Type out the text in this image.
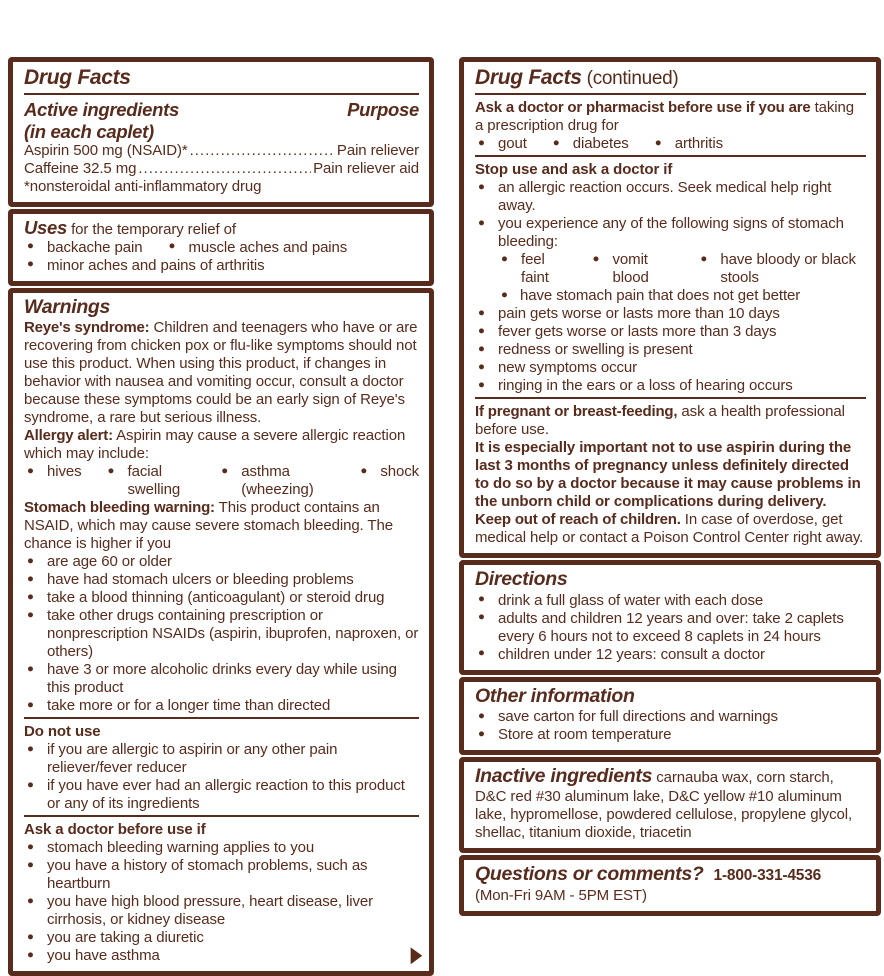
Drug Facts
Active ingredients
(in each caplet)
Purpose
Aspirin 500 mg (NSAID)* .....	Pain reliever
Caffeine 32.5 mg .....	Pain reliever aid
*nonsteroidal anti-inflammatory drug

Uses for the temporary relief of

● backache pain	● muscle aches and pains
● minor aches and pains of arthritis
Warnings

Reye's syndrome: Children and teenagers who have or are recovering from chicken pox or flu-like symptoms should not use this product. When using this product, if changes in behavior with nausea and vomiting occur, consult a doctor because these symptoms could be an early sign of Reye's syndrome, a rare but serious illness.

Allergy alert: Aspirin may cause a severe allergic reaction which may include:

● hives	● facial swelling
● asthma (wheezing)
● shock

Stomach bleeding warning: This product contains an NSAID, which may cause severe stomach bleeding. The chance is higher if you

● are age 60 or older
● have had stomach ulcers or bleeding problems
● take a blood thinning (anticoagulant) or steroid drug
● take other drugs containing prescription or nonprescription NSAIDs (aspirin, ibuprofen, naproxen, or others)
● have 3 or more alcoholic drinks every day while using this product
● take more or for a longer time than directed
Do not use
● if you are allergic to aspirin or any other pain reliever/fever reducer
● if you have ever had an allergic reaction to this product or any of its ingredients
Ask a doctor before use if
● stomach bleeding warning applies to you
● you have a history of stomach problems, such as heartburn
● you have high blood pressure, heart disease, liver cirrhosis, or kidney disease
● you are taking a diuretic
● you have asthma	▶
Drug Facts (continued)

Ask a doctor or pharmacist before use if you are taking a prescription drug for

● gout	● diabetes	● arthritis
Stop use and ask a doctor if
● an allergic reaction occurs. Seek medical help right away.
● you experience any of the following signs of stomach bleeding:
● feel faint
● vomit blood
● have bloody or black stools
● have stomach pain that does not get better
● pain gets worse or lasts more than 10 days
● fever gets worse or lasts more than 3 days
● redness or swelling is present
● new symptoms occur
● ringing in the ears or a loss of hearing occurs

If pregnant or breast-feeding, ask a health professional before use.

It is especially important not to use aspirin during the last 3 months of pregnancy unless definitely directed to do so by a doctor because it may cause problems in the unborn child or complications during delivery.

Keep out of reach of children. In case of overdose, get medical help or contact a Poison Control Center right away.

Directions
● drink a full glass of water with each dose
● adults and children 12 years and over: take 2 caplets every 6 hours not to exceed 8 caplets in 24 hours
● children under 12 years: consult a doctor
Other information
● save carton for full directions and warnings
● Store at room temperature

Inactive ingredients carnauba wax, corn starch, D&C red #30 aluminum lake, D&C yellow #10 aluminum lake, hypromellose, powdered cellulose, propylene glycol, shellac, titanium dioxide, triacetin

Questions or comments? 1-800-331-4536
(Mon-Fri 9AM - 5PM EST)
